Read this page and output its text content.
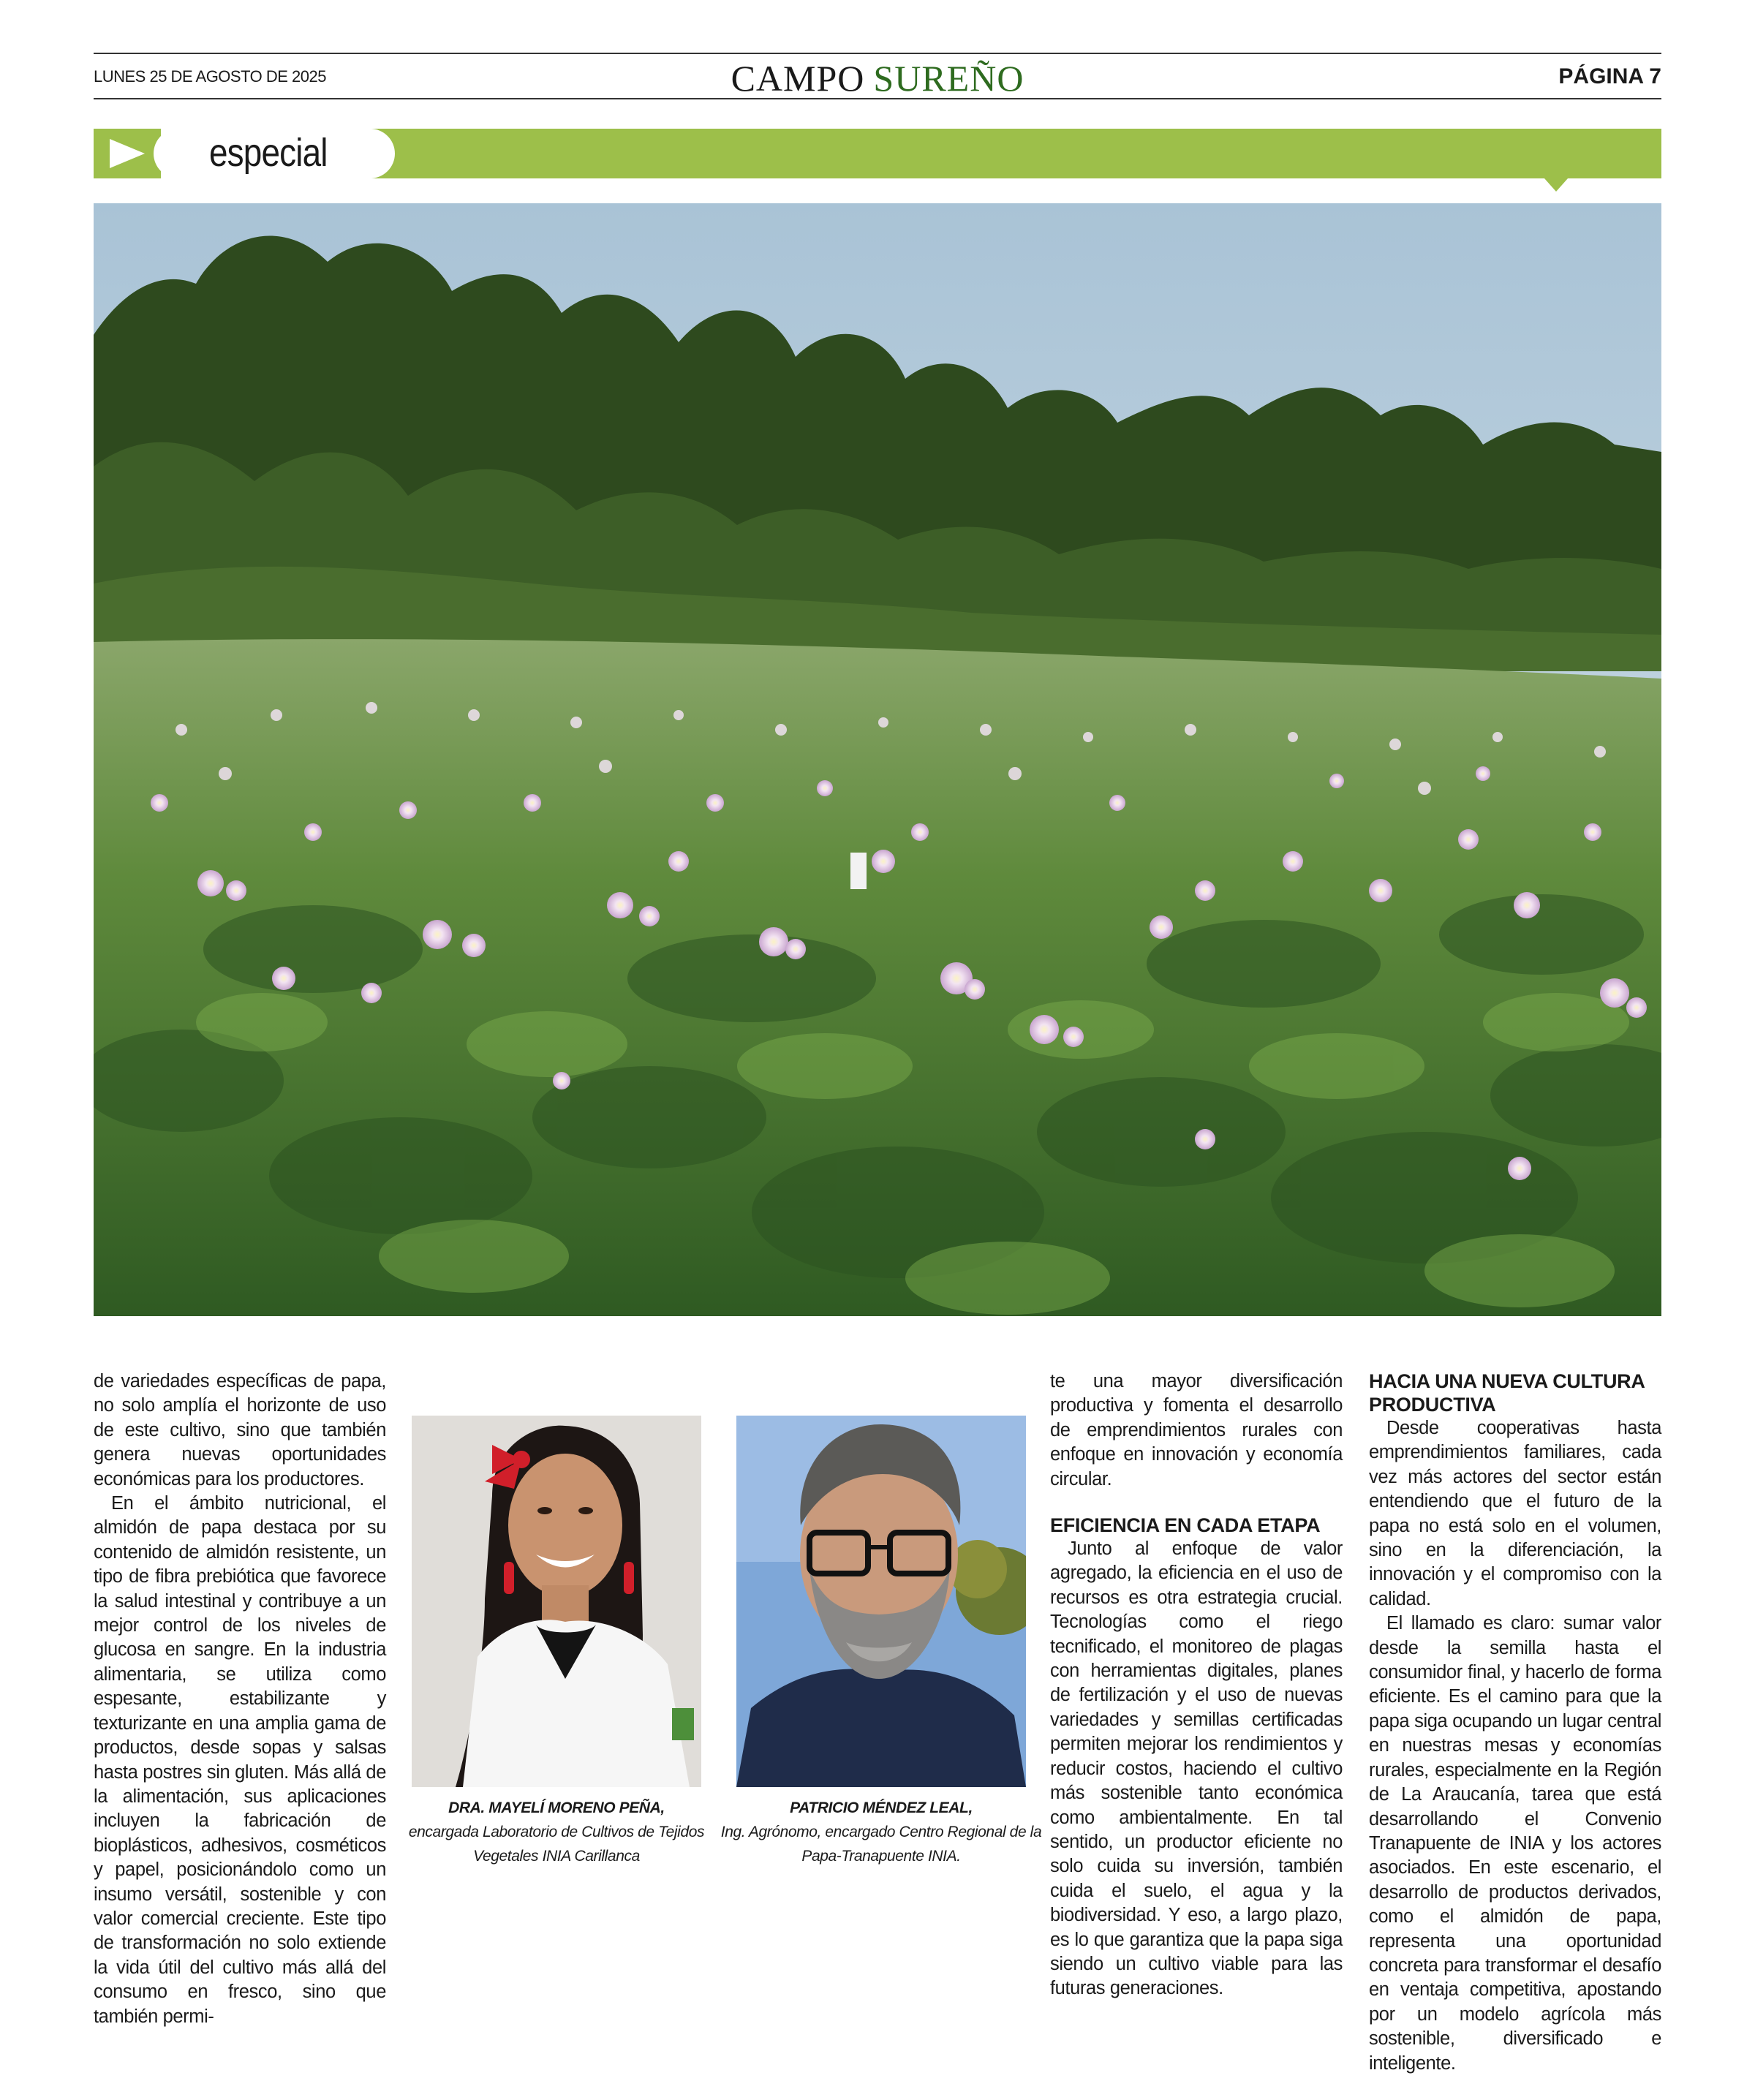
LUNES 25 DE AGOSTO DE 2025	CAMPO SUREÑO	PÁGINA 7
especial

de variedades específicas de papa, no solo amplía el horizonte de uso de este cultivo, sino que también genera nuevas oportunidades económicas para los productores.

En el ámbito nutricional, el almidón de papa destaca por su contenido de almidón resistente, un tipo de fibra prebiótica que favorece la salud intestinal y contribuye a un mejor control de los niveles de glucosa en sangre. En la industria alimentaria, se utiliza como espesante, estabilizante y texturizante en una amplia gama de productos, desde sopas y salsas hasta postres sin gluten. Más allá de la alimentación, sus aplicaciones incluyen la fabricación de bioplásticos, adhesivos, cosméticos y papel, posicionándolo como un insumo versátil, sostenible y con valor comercial creciente. Este tipo de transformación no solo extiende la vida útil del cultivo más allá del consumo en fresco, sino que también permi-

DRA. MAYELÍ MORENO PEÑA,
encargada Laboratorio de Cultivos de Tejidos Vegetales INIA Carillanca
PATRICIO MÉNDEZ LEAL,
Ing. Agrónomo, encargado Centro Regional de la Papa-Tranapuente INIA.

te una mayor diversificación productiva y fomenta el desarrollo de emprendimientos rurales con enfoque en innovación y economía circular.

EFICIENCIA EN CADA ETAPA

Junto al enfoque de valor agregado, la eficiencia en el uso de recursos es otra estrategia crucial. Tecnologías como el riego tecnificado, el monitoreo de plagas con herramientas digitales, planes de fertilización y el uso de nuevas variedades y semillas certificadas permiten mejorar los rendimientos y reducir costos, haciendo el cultivo más sostenible tanto económica como ambientalmente. En tal sentido, un productor eficiente no solo cuida su inversión, también cuida el suelo, el agua y la biodiversidad. Y eso, a largo plazo, es lo que garantiza que la papa siga siendo un cultivo viable para las futuras generaciones.

HACIA UNA NUEVA CULTURA PRODUCTIVA

Desde cooperativas hasta emprendimientos familiares, cada vez más actores del sector están entendiendo que el futuro de la papa no está solo en el volumen, sino en la diferenciación, la innovación y el compromiso con la calidad.

El llamado es claro: sumar valor desde la semilla hasta el consumidor final, y hacerlo de forma eficiente. Es el camino para que la papa siga ocupando un lugar central en nuestras mesas y economías rurales, especialmente en la Región de La Araucanía, tarea que está desarrollando el Convenio Tranapuente de INIA y los actores asociados. En este escenario, el desarrollo de productos derivados, como el almidón de papa, representa una oportunidad concreta para transformar el desafío en ventaja competitiva, apostando por un modelo agrícola más sostenible, diversificado e inteligente.
